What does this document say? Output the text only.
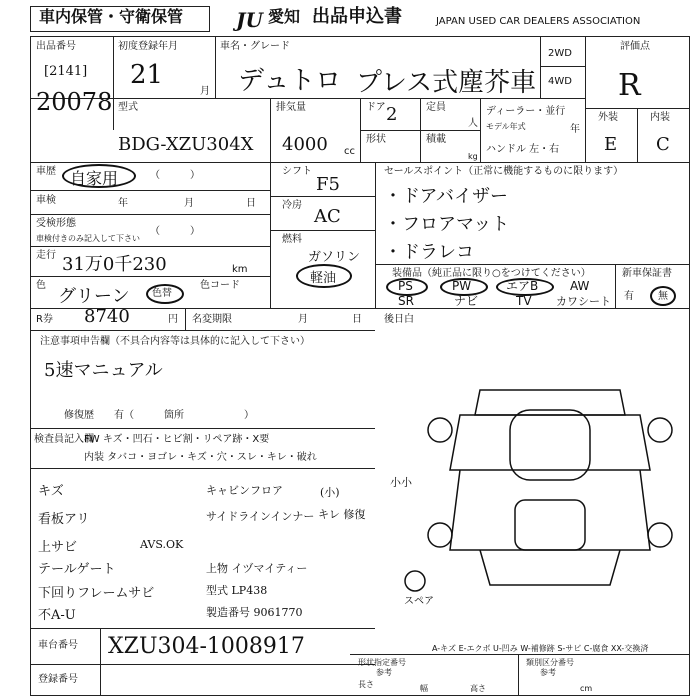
車内保管・守衛保管	JU 愛知 出品申込書	JAPAN USED CAR DEALERS ASSOCIATION
出品番号
[2141]
20078
初度登録年月
21
月
車名・グレード
デュトロ プレス式塵芥車
2WD
4WD
評価点
R
外装	内装
E C
型式
BDG-XZU304X
排気量
4000 cc
ドア 2	定員
人
形状	積載
kg
ディーラー・並行
モデル年式	年
ハンドル 左・右
車歴 自家用	（　　　）
車検	年	月	日
受検形態
車検付きのみ記入して下さい
（　　　）
走行 31万0千230	km
色
グリーン 色替
色コード
シフト
F5
冷房
AC
燃料
ガソリン
軽油
セールスポイント（正常に機能するものに限ります）
・ドアバイザー
・フロアマット
・ドラレコ
装備品（純正品に限り○をつけてください）
PS	PW	エアB	AW
SR	ナビ	TV カワシート
新車保証書
有 無
R券 8740	円 名変期限	月	日 後日白
注意事項申告欄（不具合内容等は具体的に記入して下さい）
5速マニュアル
修復歴　　有（　　　箇所　　　　　　）
検査員記入欄
FW キズ・凹石・ヒビ割・リペア跡・X要
内装 タバコ・ヨゴレ・キズ・穴・スレ・キレ・破れ
スペア
キズ
看板アリ
上サビ
テールゲート
下回りフレームサビ
不A-U
キャビンフロア
サイドラインインナー
上物 イヅマイティー
型式 LP438
製造番号 9061770
AVS.OK
(小)
キレ 修復
小小
車台番号 XZU304-1008917
登録番号
A-キズ E-エクボ U-凹み W-補修跡 S-サビ C-腐食 XX-交換済
形状指定番号
参考
長さ	幅	高さ
類別区分番号
参考
cm
